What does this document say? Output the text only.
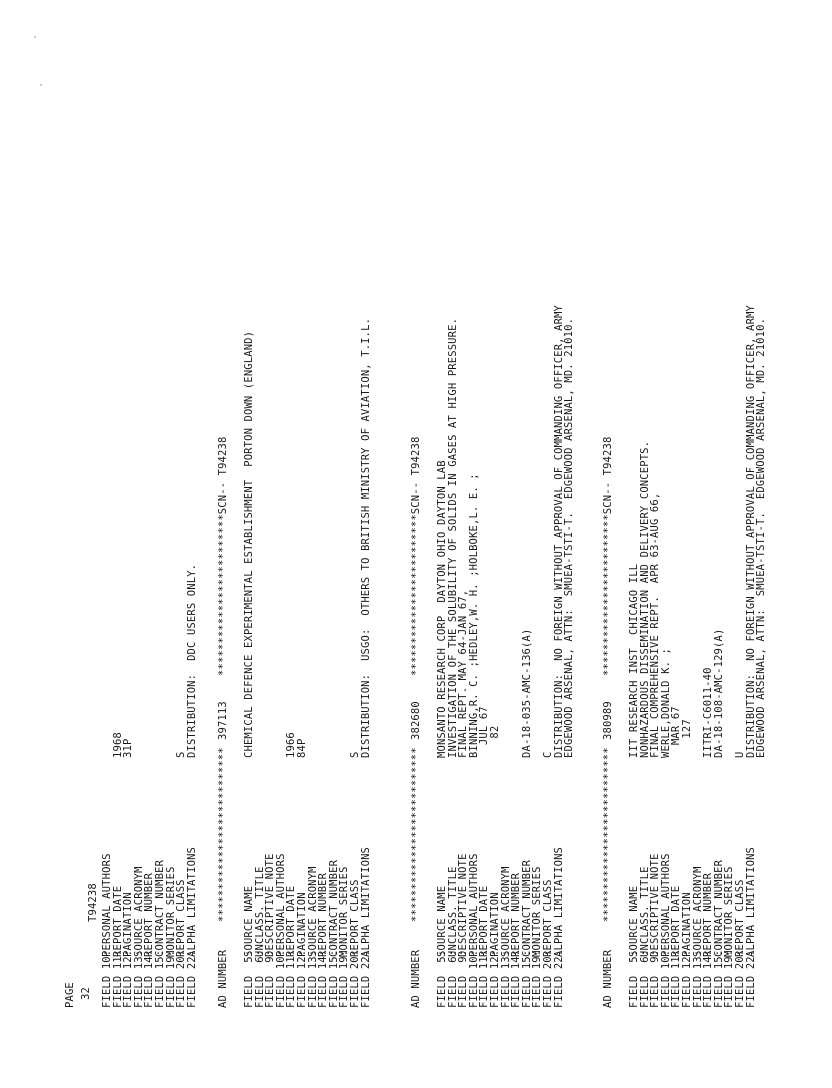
PAGE 32
T94238
FIELD 10:
PERSONAL AUTHORS
FIELD 11:
REPORT DATE
1968
FIELD 12:
PAGINATION
31P
FIELD 13:
SOURCE ACRONYM
FIELD 14:
REPORT NUMBER
FIELD 15:
CONTRACT NUMBER
FIELD 19:
MONITOR SERIES
FIELD 20:
REPORT CLASS
S
FIELD 22:
ALPHA LIMITATIONS
DISTRIBUTION:  DDC USERS ONLY.
AD NUMBER
***************************
397113
*************************SCN-- T94238
FIELD  5:
SOURCE NAME
CHEMICAL DEFENCE EXPERIMENTAL ESTABLISHMENT  PORTON DOWN (ENGLAND)
FIELD  6:
UNCLASS. TITLE
FIELD  9:
DESCRIPTIVE NOTE
FIELD 10:
PERSONAL AUTHORS
FIELD 11:
REPORT DATE
1966
FIELD 12:
PAGINATION
84P
FIELD 13:
SOURCE ACRONYM
FIELD 14:
REPORT NUMBER
FIELD 15:
CONTRACT NUMBER
FIELD 19:
MONITOR SERIES
FIELD 20:
REPORT CLASS
S
FIELD 22:
ALPHA LIMITATIONS
DISTRIBUTION:  USGO:  OTHERS TO BRITISH MINISTRY OF AVIATION, T.I.L.
AD NUMBER
***************************
382680
*************************SCN-- T94238
FIELD  5:
SOURCE NAME
MONSANTO RESEARCH CORP  DAYTON OHIO DAYTON LAB
FIELD  6:
UNCLASS. TITLE
INVESTIGATION OF THE SOLUBILITY OF SOLIDS IN GASES AT HIGH PRESSURE.
FIELD  9:
DESCRIPTIVE NOTE
FINAL REPT. MAY 64-JAN 67,
FIELD 10:
PERSONAL AUTHORS
BINNING,R. C. ;HEDLEY,W. H. ;HOLBOKE,L. E. ;
FIELD 11:
REPORT DATE
JUL 67
FIELD 12:
PAGINATION
82
FIELD 13:
SOURCE ACRONYM
FIELD 14:
REPORT NUMBER
FIELD 15:
CONTRACT NUMBER
DA-18-035-AMC-136(A)
FIELD 19:
MONITOR SERIES
FIELD 20:
REPORT CLASS
C
FIELD 22:
ALPHA LIMITATIONS
DISTRIBUTION:  NO FOREIGN WITHOUT APPROVAL OF COMMANDING OFFICER, ARMY
EDGEWOOD ARSENAL, ATTN:  SMUEA-TSTI-T.  EDGEWOOD ARSENAL, MD. 21010.
AD NUMBER
***************************
380989
*************************SCN-- T94238
FIELD  5:
SOURCE NAME
IIT RESEARCH INST  CHICAGO ILL
FIELD  6:
UNCLASS. TITLE
NONHAZARDOUS DISSEMINATION AND DELIVERY CONCEPTS.
FIELD  9:
DESCRIPTIVE NOTE
FINAL COMPREHENSIVE REPT.  APR 63-AUG 66,
FIELD 10:
PERSONAL AUTHORS
WERLE,DONALD K. ;
FIELD 11:
REPORT DATE
MAR 67
FIELD 12:
PAGINATION
127
FIELD 13:
SOURCE ACRONYM
FIELD 14:
REPORT NUMBER
IITRI-C6011-40
FIELD 15:
CONTRACT NUMBER
DA-18-108-AMC-129(A)
FIELD 19:
MONITOR SERIES
FIELD 20:
REPORT CLASS
U
FIELD 22:
ALPHA LIMITATIONS
DISTRIBUTION:  NO FOREIGN WITHOUT APPROVAL OF COMMANDING OFFICER, ARMY
EDGEWOOD ARSENAL, ATTN:  SMUEA-TSTI-T.  EDGEWOOD ARSENAL, MD. 21010.
